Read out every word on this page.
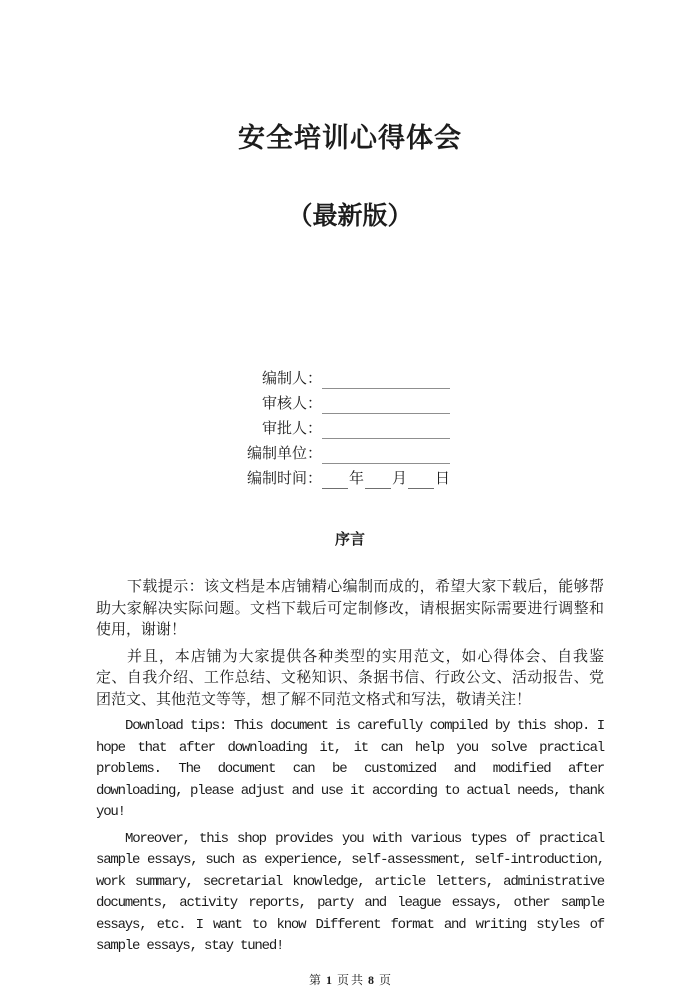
安全培训心得体会
（最新版）
编制人：
审核人：
审批人：
编制单位：
编制时间： 年 月 日
序言

下载提示：该文档是本店铺精心编制而成的，希望大家下载后，能够帮助大家解决实际问题。文档下载后可定制修改，请根据实际需要进行调整和使用，谢谢！

并且，本店铺为大家提供各种类型的实用范文，如心得体会、自我鉴定、自我介绍、工作总结、文秘知识、条据书信、行政公文、活动报告、党团范文、其他范文等等，想了解不同范文格式和写法，敬请关注！

Download tips: This document is carefully compiled by this shop. I hope that after downloading it, it can help you solve practical problems. The document can be customized and modified after downloading, please adjust and use it according to actual needs, thank you!

Moreover, this shop provides you with various types of practical sample essays, such as experience, self-assessment, self-introduction, work summary, secretarial knowledge, article letters, administrative documents, activity reports, party and league essays, other sample essays, etc. I want to know Different format and writing styles of sample essays, stay tuned!

第 1 页 共 8 页
